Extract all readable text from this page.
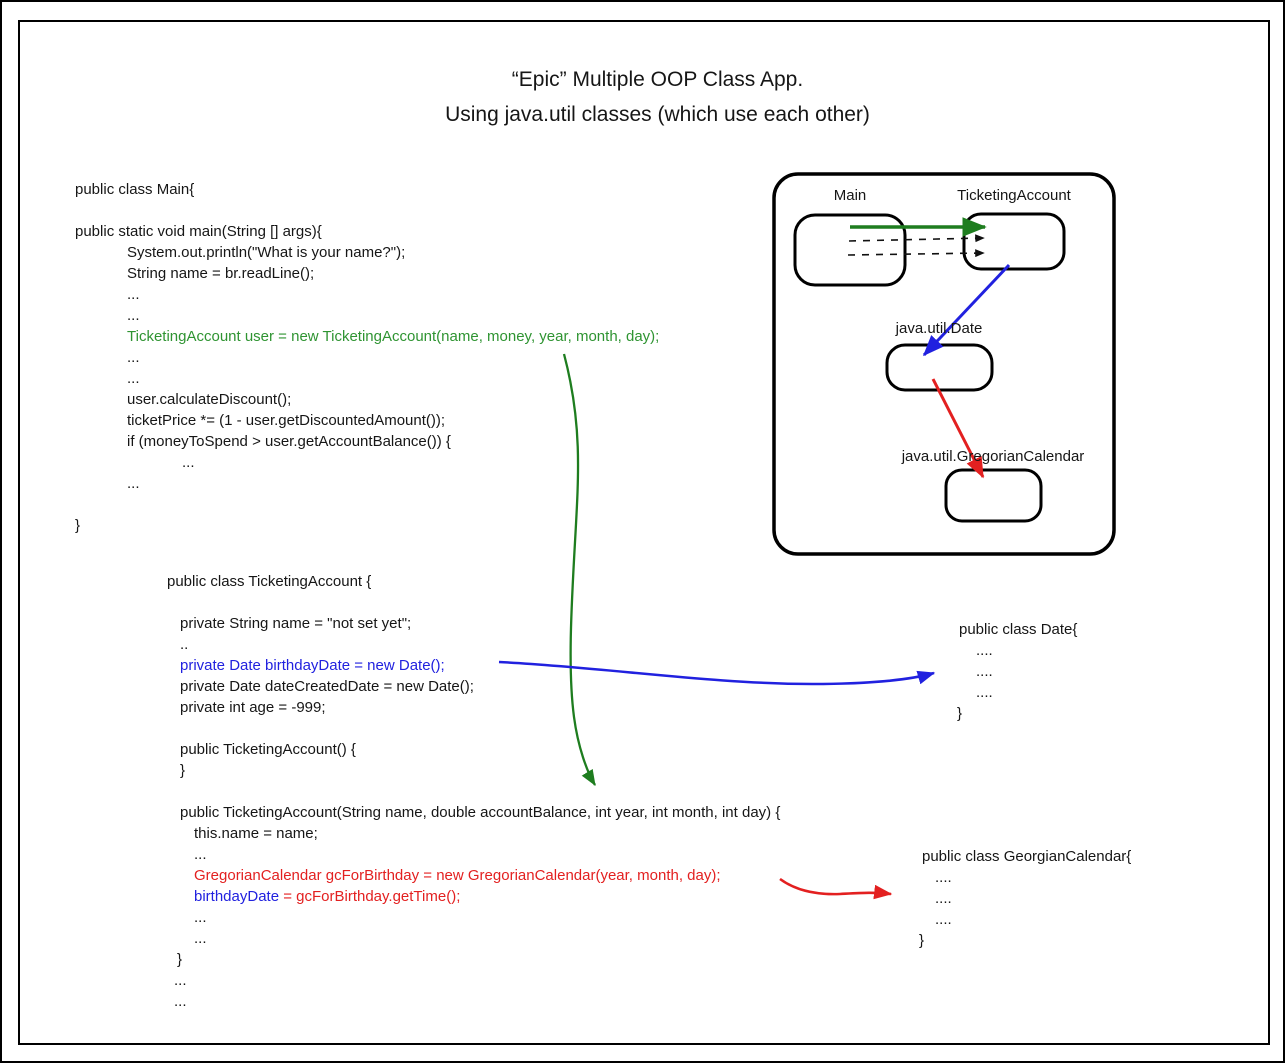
“Epic” Multiple OOP Class App.
Using java.util classes (which use each other)
public class Main{

public static void main(String [] args){
System.out.println("What is your name?");
String name = br.readLine();
...
...
TicketingAccount user = new TicketingAccount(name, money, year, month, day);
...
...
user.calculateDiscount();
ticketPrice *= (1 - user.getDiscountedAmount());
if (moneyToSpend > user.getAccountBalance()) {
...
...

}
public class TicketingAccount {

private String name = "not set yet";
..
private Date birthdayDate = new Date();
private Date dateCreatedDate = new Date();
private int age = -999;

public TicketingAccount() {
}

public TicketingAccount(String name, double accountBalance, int year, int month, int day) {
this.name = name;
...
GregorianCalendar gcForBirthday = new GregorianCalendar(year, month, day);
birthdayDate = gcForBirthday.getTime();
...
...
}
...
...
public class Date{
....
....
....
}
public class GeorgianCalendar{
....
....
....
}
Main	TicketingAccount
java.util.Date
java.util.GregorianCalendar
